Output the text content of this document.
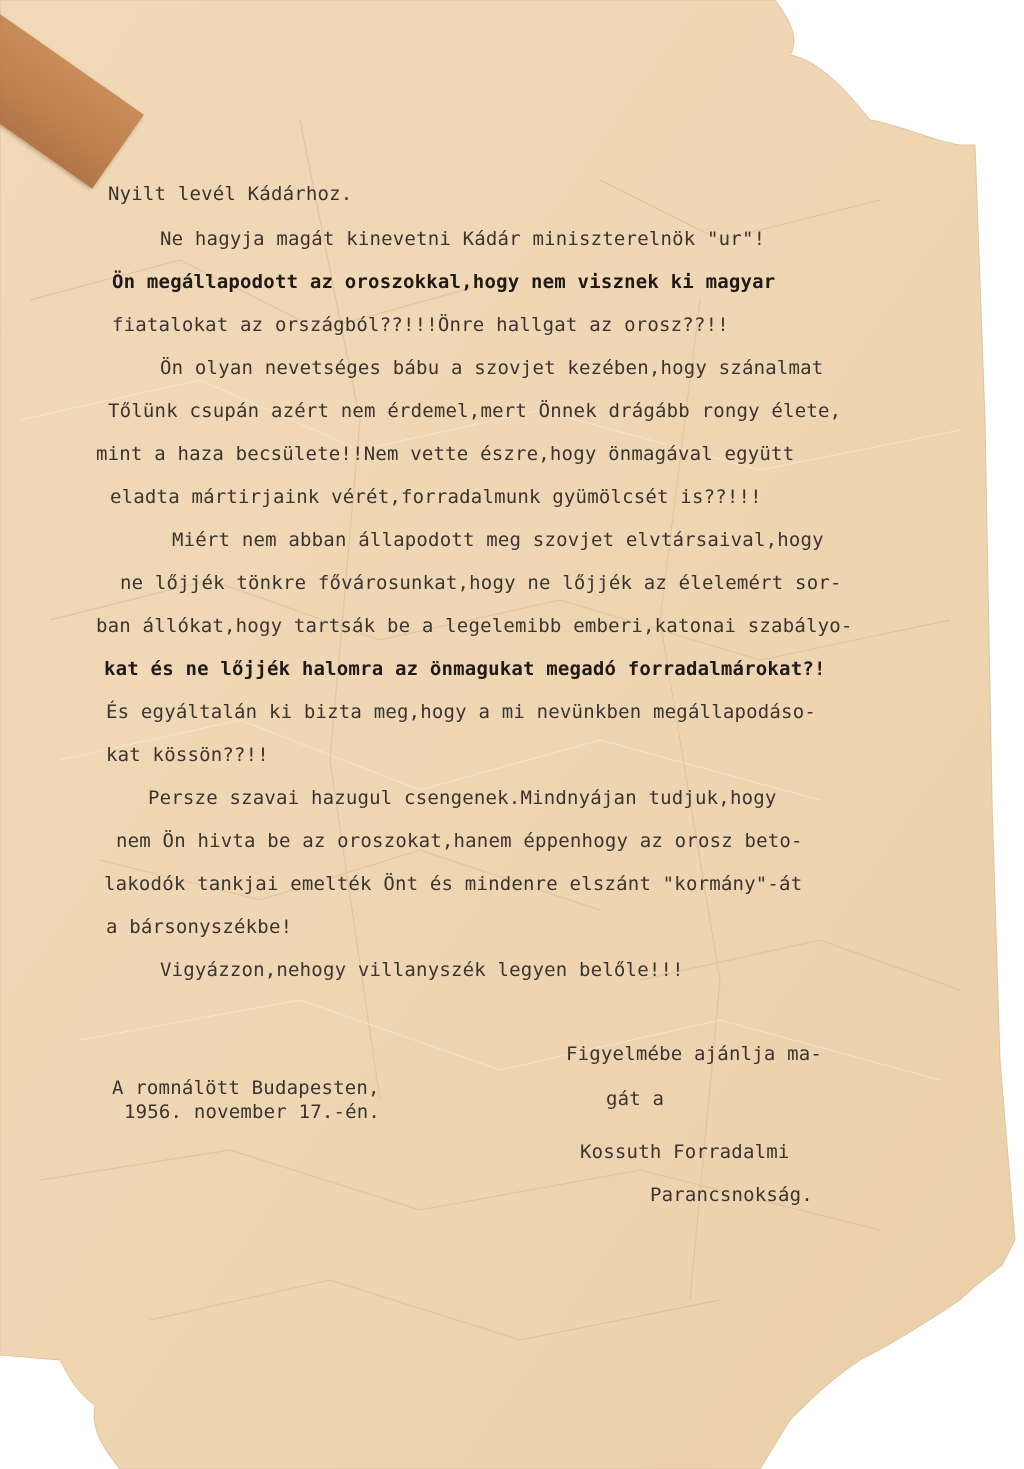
Nyilt levél Kádárhoz.
Ne hagyja magát kinevetni Kádár miniszterelnök "ur"!
Ön megállapodott az oroszokkal,hogy nem visznek ki magyar
fiatalokat az országból??!!!Önre hallgat az orosz??!!
Ön olyan nevetséges bábu a szovjet kezében,hogy szánalmat
Tőlünk csupán azért nem érdemel,mert Önnek drágább rongy élete,
mint a haza becsülete!!Nem vette észre,hogy önmagával együtt
eladta mártirjaink vérét,forradalmunk gyümölcsét is??!!!
Miért nem abban állapodott meg szovjet elvtársaival,hogy
ne lőjjék tönkre fővárosunkat,hogy ne lőjjék az élelemért sor-
ban állókat,hogy tartsák be a legelemibb emberi,katonai szabályo-
kat és ne lőjjék halomra az önmagukat megadó forradalmárokat?!
És egyáltalán ki bizta meg,hogy a mi nevünkben megállapodáso-
kat kössön??!!
Persze szavai hazugul csengenek.Mindnyájan tudjuk,hogy
nem Ön hivta be az oroszokat,hanem éppenhogy az orosz beto-
lakodók tankjai emelték Önt és mindenre elszánt "kormány"-át
a bársonyszékbe!
Vigyázzon,nehogy villanyszék legyen belőle!!!
A romnálött Budapesten,
1956. november 17.-én.
Figyelmébe ajánlja ma-
gát a
Kossuth Forradalmi
Parancsnokság.
